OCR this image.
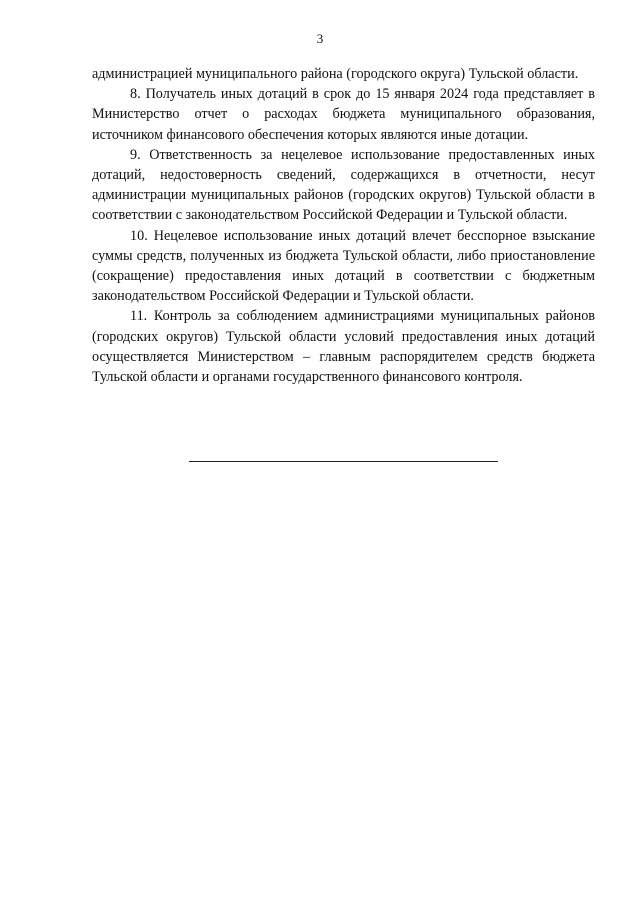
3

администрацией муниципального района (городского округа) Тульской области.

8. Получатель иных дотаций в срок до 15 января 2024 года представляет в Министерство отчет о расходах бюджета муниципального образования, источником финансового обеспечения которых являются иные дотации.

9. Ответственность за нецелевое использование предоставленных иных дотаций, недостоверность сведений, содержащихся в отчетности, несут администрации муниципальных районов (городских округов) Тульской области в соответствии с законодательством Российской Федерации и Тульской области.

10. Нецелевое использование иных дотаций влечет бесспорное взыскание суммы средств, полученных из бюджета Тульской области, либо приостановление (сокращение) предоставления иных дотаций в соответствии с бюджетным законодательством Российской Федерации и Тульской области.

11. Контроль за соблюдением администрациями муниципальных районов (городских округов) Тульской области условий предоставления иных дотаций осуществляется Министерством – главным распорядителем средств бюджета Тульской области и органами государственного финансового контроля.
